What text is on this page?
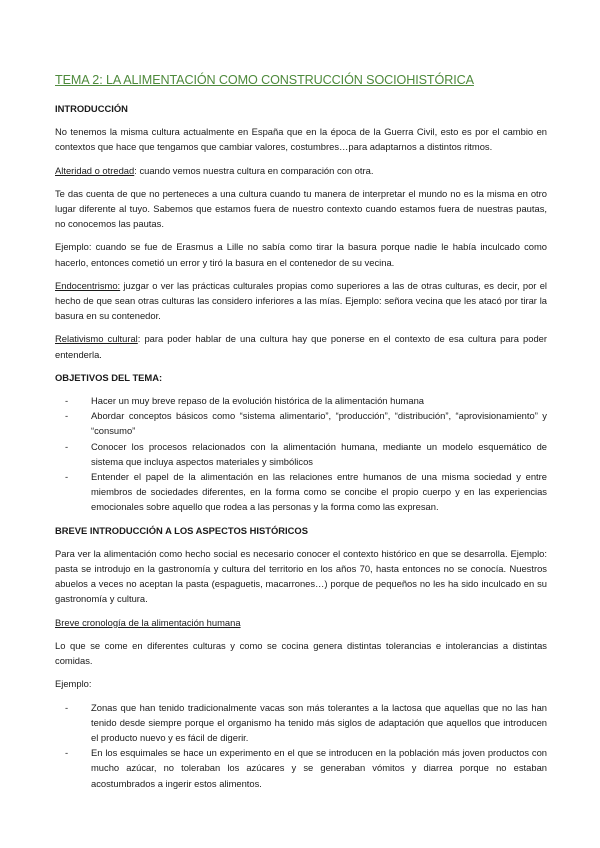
TEMA 2: LA ALIMENTACIÓN COMO CONSTRUCCIÓN SOCIOHISTÓRICA
INTRODUCCIÓN

No tenemos la misma cultura actualmente en España que en la época de la Guerra Civil, esto es por el cambio en contextos que hace que tengamos que cambiar valores, costumbres…para adaptarnos a distintos ritmos.

Alteridad o otredad: cuando vemos nuestra cultura en comparación con otra.

Te das cuenta de que no perteneces a una cultura cuando tu manera de interpretar el mundo no es la misma en otro lugar diferente al tuyo. Sabemos que estamos fuera de nuestro contexto cuando estamos fuera de nuestras pautas, no conocemos las pautas.

Ejemplo: cuando se fue de Erasmus a Lille no sabía como tirar la basura porque nadie le había inculcado como hacerlo, entonces cometió un error y tiró la basura en el contenedor de su vecina.

Endocentrismo: juzgar o ver las prácticas culturales propias como superiores a las de otras culturas, es decir, por el hecho de que sean otras culturas las considero inferiores a las mías. Ejemplo: señora vecina que les atacó por tirar la basura en su contenedor.

Relativismo cultural: para poder hablar de una cultura hay que ponerse en el contexto de esa cultura para poder entenderla.

OBJETIVOS DEL TEMA:
- Hacer un muy breve repaso de la evolución histórica de la alimentación humana
- Abordar conceptos básicos como “sistema alimentario”, “producción”, “distribución”, “aprovisionamiento” y “consumo”
- Conocer los procesos relacionados con la alimentación humana, mediante un modelo esquemático de sistema que incluya aspectos materiales y simbólicos
- Entender el papel de la alimentación en las relaciones entre humanos de una misma sociedad y entre miembros de sociedades diferentes, en la forma como se concibe el propio cuerpo y en las experiencias emocionales sobre aquello que rodea a las personas y la forma como las expresan.
BREVE INTRODUCCIÓN A LOS ASPECTOS HISTÓRICOS

Para ver la alimentación como hecho social es necesario conocer el contexto histórico en que se desarrolla. Ejemplo: pasta se introdujo en la gastronomía y cultura del territorio en los años 70, hasta entonces no se conocía. Nuestros abuelos a veces no aceptan la pasta (espaguetis, macarrones…) porque de pequeños no les ha sido inculcado en su gastronomía y cultura.

Breve cronología de la alimentación humana

Lo que se come en diferentes culturas y como se cocina genera distintas tolerancias e intolerancias a distintas comidas.

Ejemplo:

- Zonas que han tenido tradicionalmente vacas son más tolerantes a la lactosa que aquellas que no las han tenido desde siempre porque el organismo ha tenido más siglos de adaptación que aquellos que introducen el producto nuevo y es fácil de digerir.
- En los esquimales se hace un experimento en el que se introducen en la población más joven productos con mucho azúcar, no toleraban los azúcares y se generaban vómitos y diarrea porque no estaban acostumbrados a ingerir estos alimentos.
